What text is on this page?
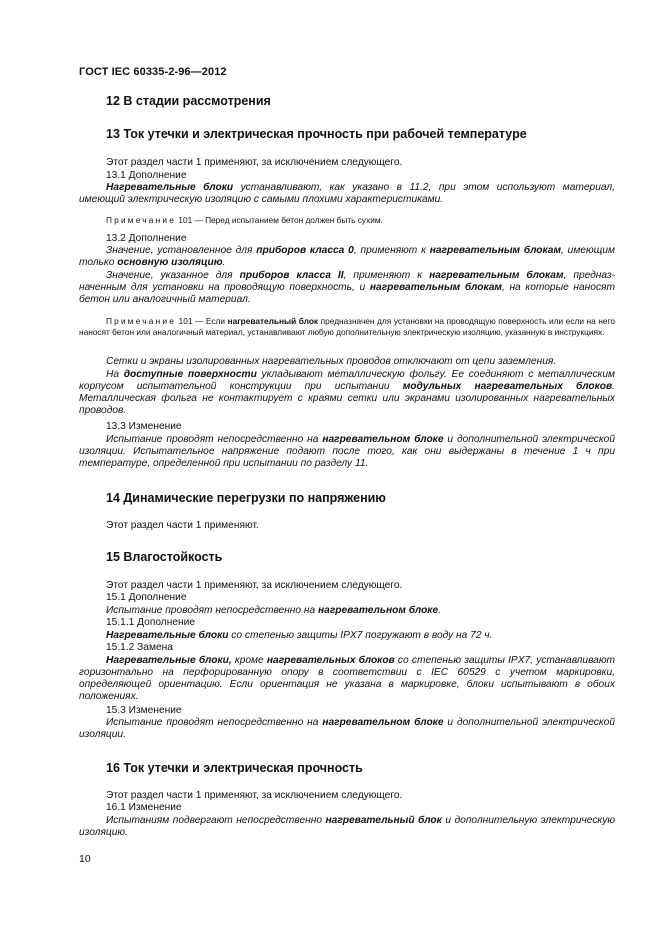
ГОСТ IEC 60335-2-96—2012
12 В стадии рассмотрения
13 Ток утечки и электрическая прочность при рабочей температуре
Этот раздел части 1 применяют, за исключением следующего.
13.1 Дополнение
Нагревательные блоки устанавливают, как указано в 11.2, при этом используют материал, имеющий электрическую изоляцию с самыми плохими характеристиками.
Примечание 101 — Перед испытанием бетон должен быть сухим.
13.2 Дополнение
Значение, установленное для приборов класса 0, применяют к нагревательным блокам, имеющим только основную изоляцию.
Значение, указанное для приборов класса II, применяют к нагревательным блокам, предназначенным для установки на проводящую поверхность, и нагревательным блокам, на которые наносят бетон или аналогичный материал.
Примечание 101 — Если нагревательный блок предназначен для установки на проводящую поверхность или если на него наносят бетон или аналогичный материал, устанавливают любую дополнительную электрическую изоляцию, указанную в инструкциях.
Сетки и экраны изолированных нагревательных проводов отключают от цепи заземления.
На доступные поверхности укладывают металлическую фольгу. Ее соединяют с металлическим корпусом испытательной конструкции при испытании модульных нагревательных блоков. Металлическая фольга не контактирует с краями сетки или экранами изолированных нагревательных проводов.
13.3 Изменение
Испытание проводят непосредственно на нагревательном блоке и дополнительной электрической изоляции. Испытательное напряжение подают после того, как они выдержаны в течение 1 ч при температуре, определенной при испытании по разделу 11.
14 Динамические перегрузки по напряжению
Этот раздел части 1 применяют.
15 Влагостойкость
Этот раздел части 1 применяют, за исключением следующего.
15.1 Дополнение
Испытание проводят непосредственно на нагревательном блоке.
15.1.1 Дополнение
Нагревательные блоки со степенью защиты IPX7 погружают в воду на 72 ч.
15.1.2 Замена
Нагревательные блоки, кроме нагревательных блоков со степенью защиты IPX7, устанавливают горизонтально на перфорированную опору в соответствии с IEC 60529 с учетом маркировки, определяющей ориентацию. Если ориентация не указана в маркировке, блоки испытывают в обоих положениях.
15.3 Изменение
Испытание проводят непосредственно на нагревательном блоке и дополнительной электрической изоляции.
16 Ток утечки и электрическая прочность
Этот раздел части 1 применяют, за исключением следующего.
16.1 Изменение
Испытаниям подвергают непосредственно нагревательный блок и дополнительную электрическую изоляцию.
10
